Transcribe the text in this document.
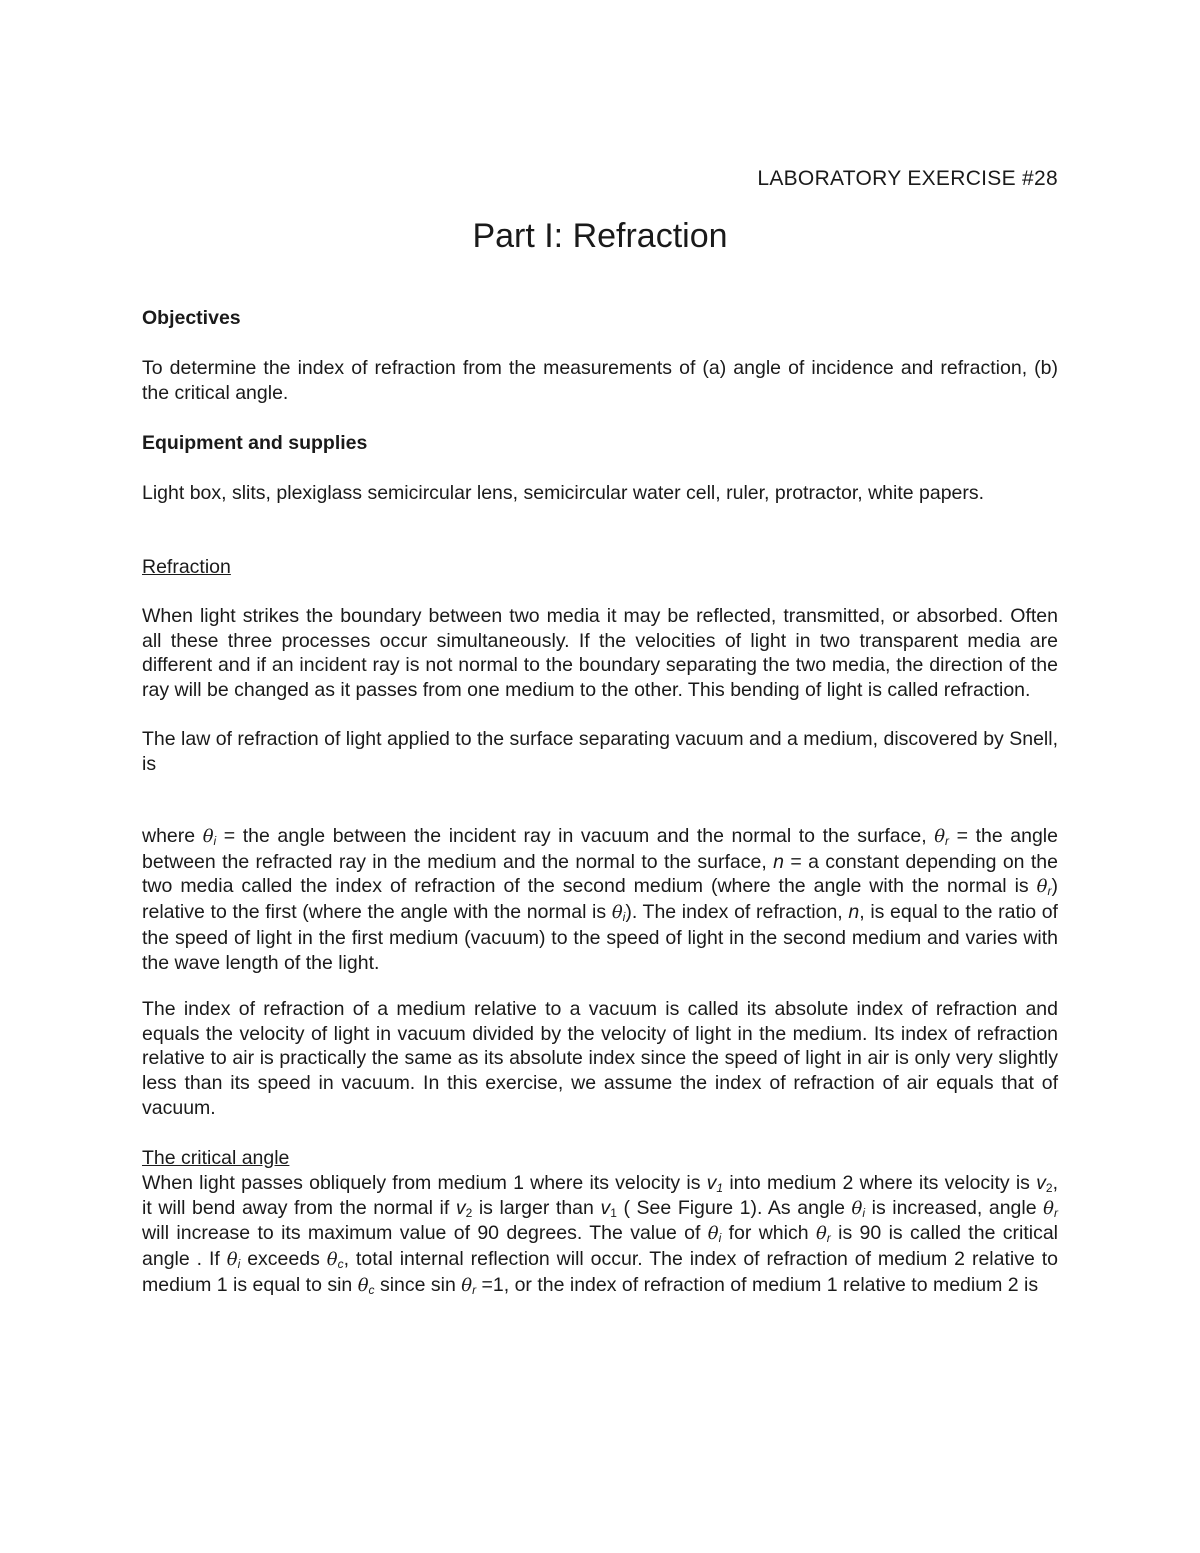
LABORATORY EXERCISE #28
Part I: Refraction
Objectives

To determine the index of refraction from the measurements of (a) angle of incidence and refraction, (b) the critical angle.

Equipment and supplies

Light box, slits, plexiglass semicircular lens, semicircular water cell, ruler, protractor, white papers.

Refraction

When light strikes the boundary between two media it may be reflected, transmitted, or absorbed. Often all these three processes occur simultaneously. If the velocities of light in two transparent media are different and if an incident ray is not normal to the boundary separating the two media, the direction of the ray will be changed as it passes from one medium to the other. This bending of light is called refraction.

The law of refraction of light applied to the surface separating vacuum and a medium, discovered by Snell, is

where $\theta_i$ = the angle between the incident ray in vacuum and the normal to the surface, $\theta_r$ = the angle between the refracted ray in the medium and the normal to the surface, n = a constant depending on the two media called the index of refraction of the second medium (where the angle with the normal is $\theta_r$) relative to the first (where the angle with the normal is $\theta_i$). The index of refraction, n, is equal to the ratio of the speed of light in the first medium (vacuum) to the speed of light in the second medium and varies with the wave length of the light.

The index of refraction of a medium relative to a vacuum is called its absolute index of refraction and equals the velocity of light in vacuum divided by the velocity of light in the medium. Its index of refraction relative to air is practically the same as its absolute index since the speed of light in air is only very slightly less than its speed in vacuum. In this exercise, we assume the index of refraction of air equals that of vacuum.

The critical angle

When light passes obliquely from medium 1 where its velocity is $v_1$ into medium 2 where its velocity is $v_2$, it will bend away from the normal if $v_2$ is larger than $v_1$ ( See Figure 1). As angle $\theta_i$ is increased, angle $\theta_r$ will increase to its maximum value of 90 degrees. The value of $\theta_i$ for which $\theta_r$ is 90 is called the critical angle . If $\theta_i$ exceeds $\theta_c$, total internal reflection will occur. The index of refraction of medium 2 relative to medium 1 is equal to $\sin \theta_c$ since $\sin \theta_r =1$, or the index of refraction of medium 1 relative to medium 2 is
